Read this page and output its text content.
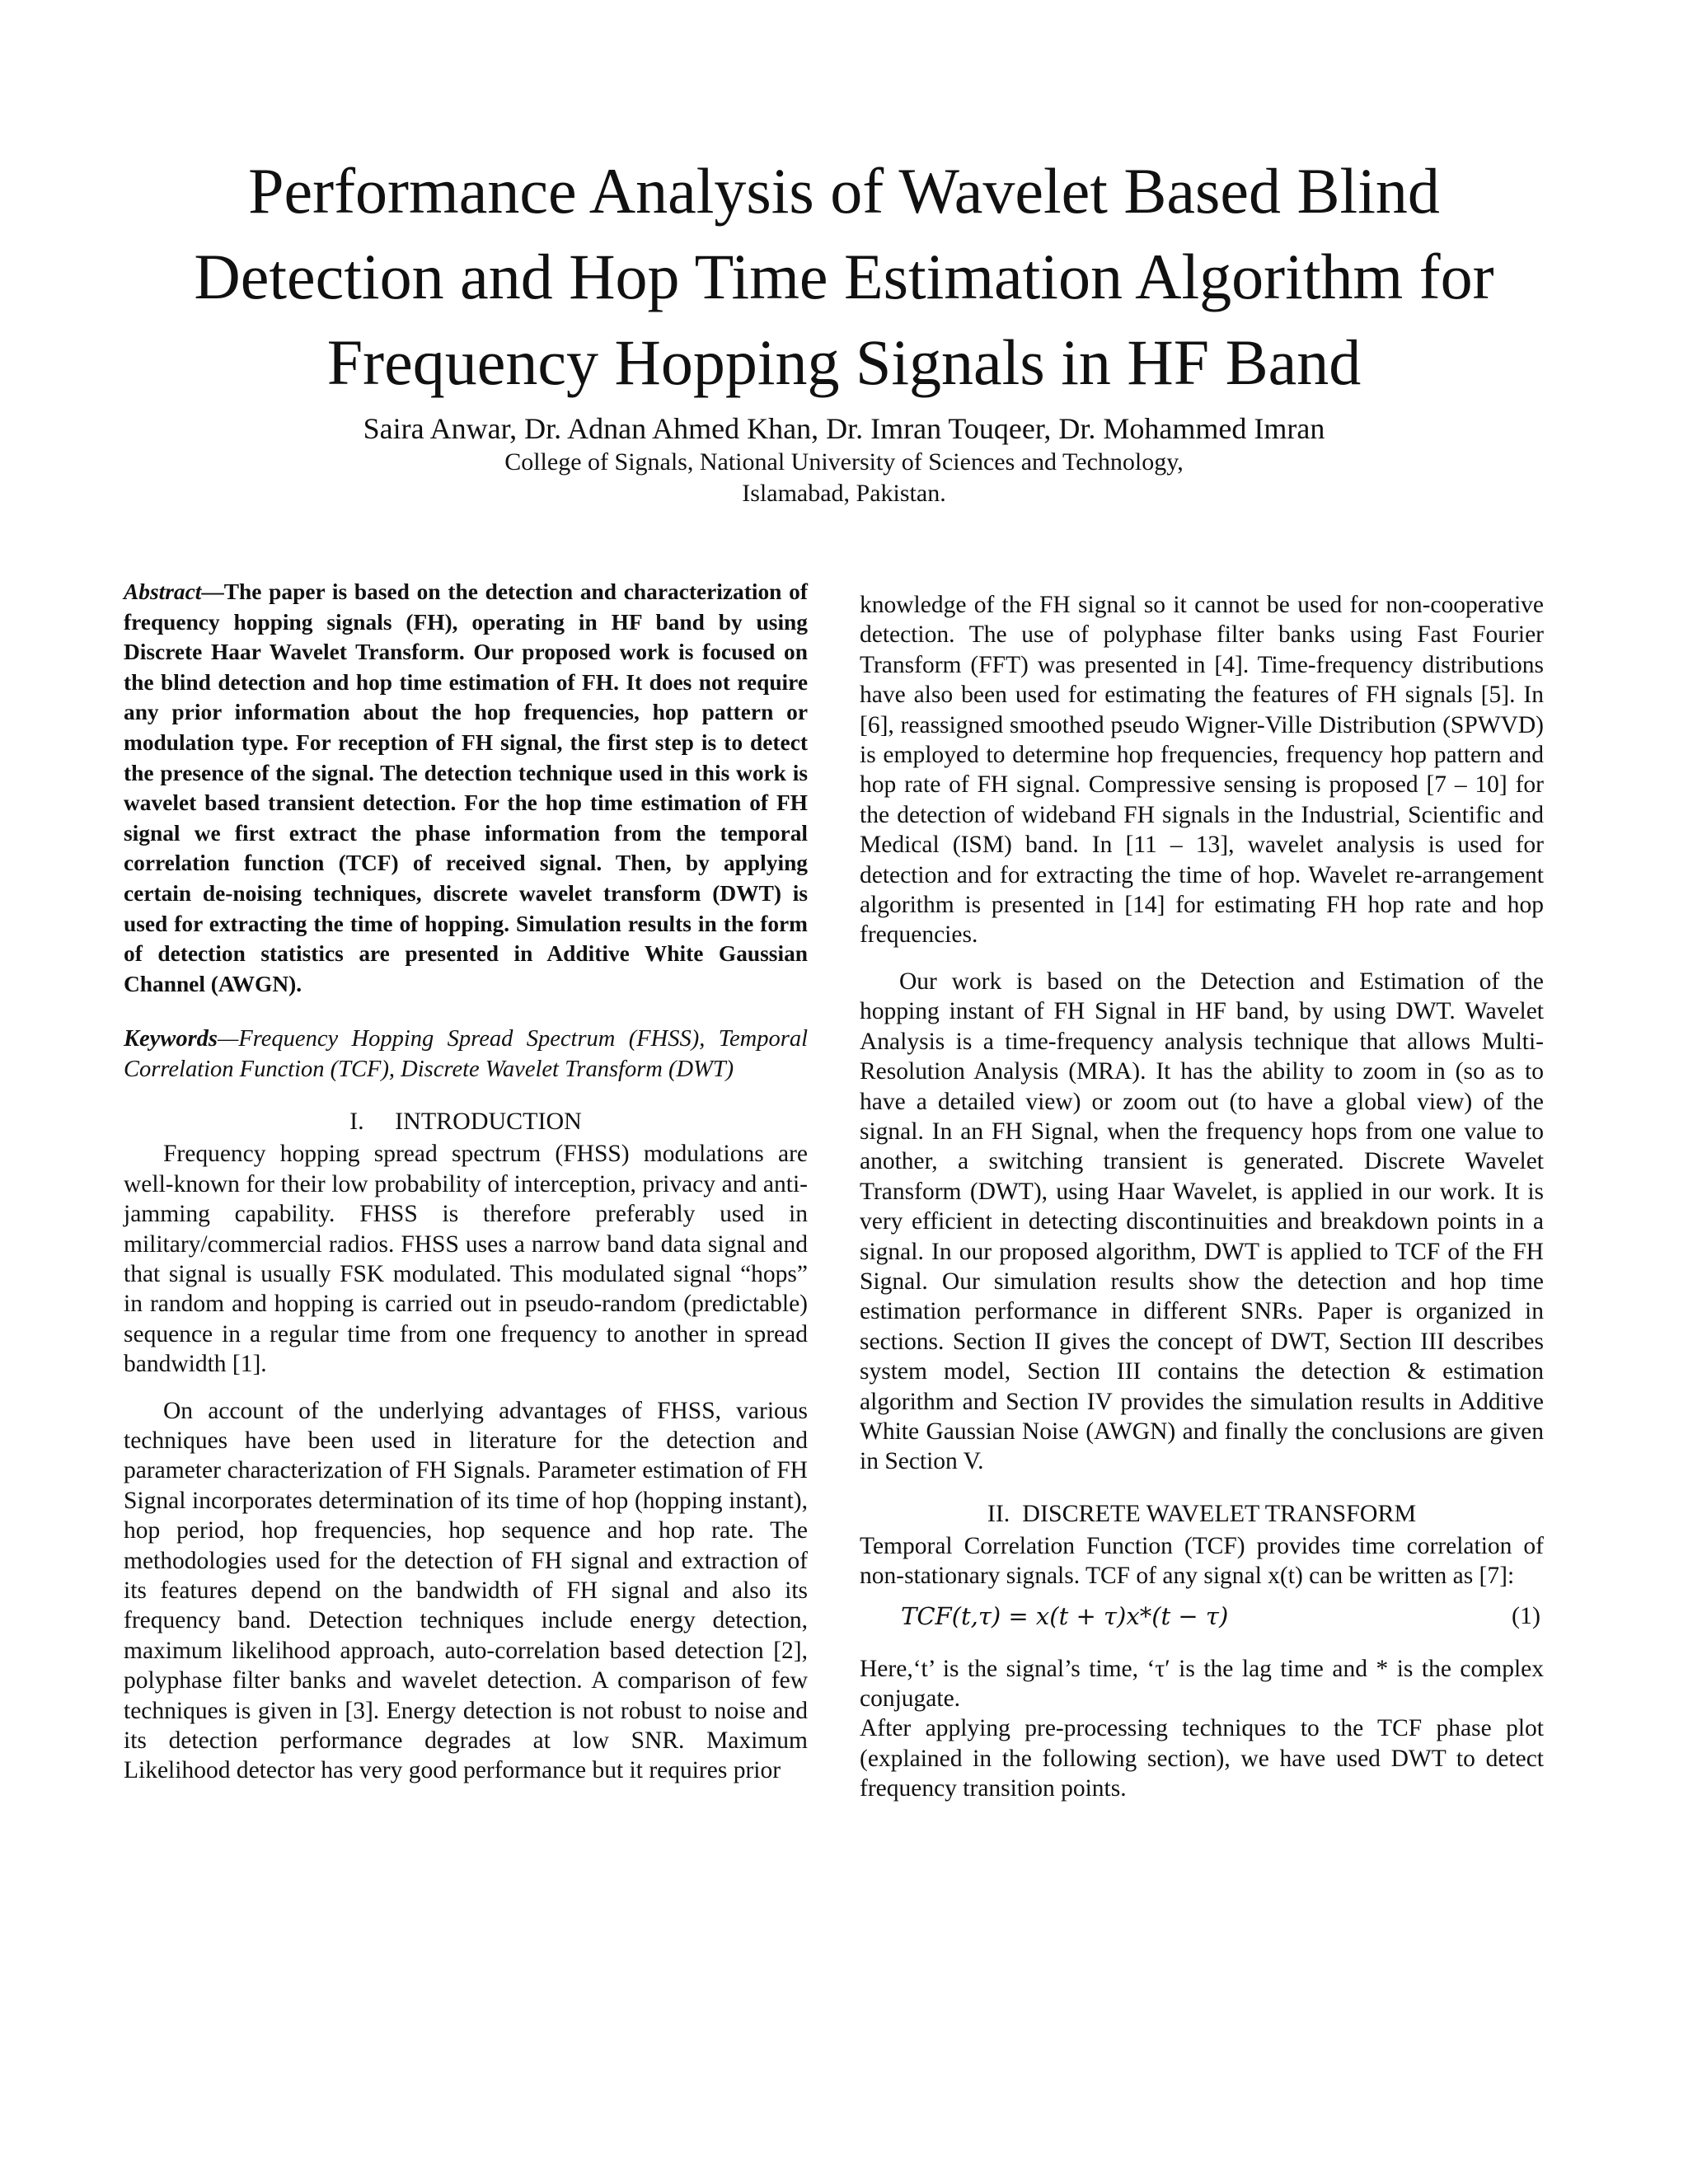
Performance Analysis of Wavelet Based Blind
Detection and Hop Time Estimation Algorithm for
Frequency Hopping Signals in HF Band

Saira Anwar, Dr. Adnan Ahmed Khan, Dr. Imran Touqeer, Dr. Mohammed Imran

College of Signals, National University of Sciences and Technology,
Islamabad, Pakistan.

Abstract—The paper is based on the detection and characterization of frequency hopping signals (FH), operating in HF band by using Discrete Haar Wavelet Transform. Our proposed work is focused on the blind detection and hop time estimation of FH. It does not require any prior information about the hop frequencies, hop pattern or modulation type. For reception of FH signal, the first step is to detect the presence of the signal. The detection technique used in this work is wavelet based transient detection. For the hop time estimation of FH signal we first extract the phase information from the temporal correlation function (TCF) of received signal. Then, by applying certain de-noising techniques, discrete wavelet transform (DWT) is used for extracting the time of hopping. Simulation results in the form of detection statistics are presented in Additive White Gaussian Channel (AWGN).

Keywords—Frequency Hopping Spread Spectrum (FHSS), Temporal Correlation Function (TCF), Discrete Wavelet Transform (DWT)

I.     INTRODUCTION

Frequency hopping spread spectrum (FHSS) modulations are well-known for their low probability of interception, privacy and anti-jamming capability. FHSS is therefore preferably used in military/commercial radios. FHSS uses a narrow band data signal and that signal is usually FSK modulated. This modulated signal “hops” in random and hopping is carried out in pseudo-random (predictable) sequence in a regular time from one frequency to another in spread bandwidth [1].

On account of the underlying advantages of FHSS, various techniques have been used in literature for the detection and parameter characterization of FH Signals. Parameter estimation of FH Signal incorporates determination of its time of hop (hopping instant), hop period, hop frequencies, hop sequence and hop rate. The methodologies used for the detection of FH signal and extraction of its features depend on the bandwidth of FH signal and also its frequency band. Detection techniques include energy detection, maximum likelihood approach, auto-correlation based detection [2], polyphase filter banks and wavelet detection. A comparison of few techniques is given in [3]. Energy detection is not robust to noise and its detection performance degrades at low SNR. Maximum Likelihood detector has very good performance but it requires prior

knowledge of the FH signal so it cannot be used for non-cooperative detection. The use of polyphase filter banks using Fast Fourier Transform (FFT) was presented in [4]. Time-frequency distributions have also been used for estimating the features of FH signals [5]. In [6], reassigned smoothed pseudo Wigner-Ville Distribution (SPWVD) is employed to determine hop frequencies, frequency hop pattern and hop rate of FH signal. Compressive sensing is proposed [7 – 10] for the detection of wideband FH signals in the Industrial, Scientific and Medical (ISM) band. In [11 – 13], wavelet analysis is used for detection and for extracting the time of hop. Wavelet re-arrangement algorithm is presented in [14] for estimating FH hop rate and hop frequencies.

Our work is based on the Detection and Estimation of the hopping instant of FH Signal in HF band, by using DWT. Wavelet Analysis is a time-frequency analysis technique that allows Multi-Resolution Analysis (MRA). It has the ability to zoom in (so as to have a detailed view) or zoom out (to have a global view) of the signal. In an FH Signal, when the frequency hops from one value to another, a switching transient is generated. Discrete Wavelet Transform (DWT), using Haar Wavelet, is applied in our work. It is very efficient in detecting discontinuities and breakdown points in a signal. In our proposed algorithm, DWT is applied to TCF of the FH Signal. Our simulation results show the detection and hop time estimation performance in different SNRs. Paper is organized in sections. Section II gives the concept of DWT, Section III describes system model, Section III contains the detection & estimation algorithm and Section IV provides the simulation results in Additive White Gaussian Noise (AWGN) and finally the conclusions are given in Section V.

II.  DISCRETE WAVELET TRANSFORM

Temporal Correlation Function (TCF) provides time correlation of non-stationary signals. TCF of any signal x(t) can be written as [7]:

TCF(t,τ) = x(t + τ)x*(t − τ)	(1)

Here,‘t’ is the signal’s time, ‘τ′ is the lag time and * is the complex conjugate.

After applying pre-processing techniques to the TCF phase plot (explained in the following section), we have used DWT to detect frequency transition points.
